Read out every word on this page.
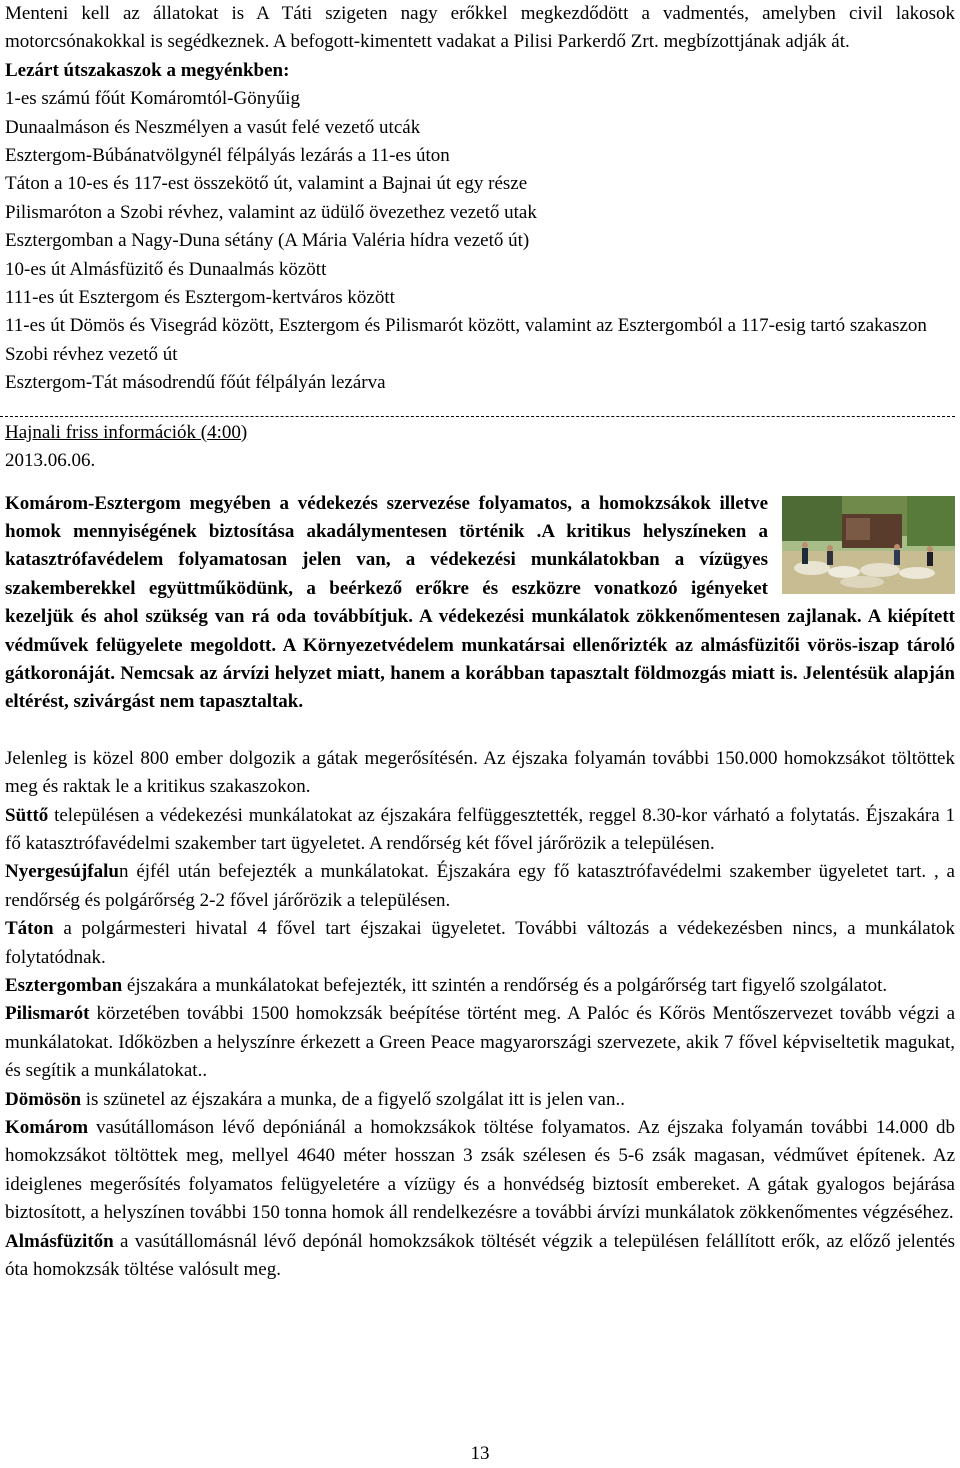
Menteni kell az állatokat is A Táti szigeten nagy erőkkel megkezdődött a vadmentés, amelyben civil lakosok motorcsónakokkal is segédkeznek. A befogott-kimentett vadakat a Pilisi Parkerdő Zrt. megbízottjának adják át.

Lezárt útszakaszok a megyénkben:

1-es számú főút Komáromtól-Gönyűig

Dunaalmáson és Neszmélyen a vasút felé vezető utcák

Esztergom-Búbánatvölgynél félpályás lezárás a 11-es úton

Táton a 10-es és 117-est összekötő út, valamint a Bajnai út egy része

Pilismaróton a Szobi révhez, valamint az üdülő övezethez vezető utak

Esztergomban a Nagy-Duna sétány (A Mária Valéria hídra vezető út)

10-es út Almásfüzitő és Dunaalmás között

111-es út Esztergom és Esztergom-kertváros között

11-es út Dömös és Visegrád között, Esztergom és Pilismarót között, valamint az Esztergomból a 117-esig tartó szakaszon

Szobi révhez vezető út

Esztergom-Tát másodrendű főút félpályán lezárva

Hajnali friss információk (4:00)

2013.06.06.

Komárom-Esztergom megyében a védekezés szervezése folyamatos, a homokzsákok illetve homok mennyiségének biztosítása akadálymentesen történik .A kritikus helyszíneken a katasztrófavédelem folyamatosan jelen van, a védekezési munkálatokban a vízügyes szakemberekkel együttműködünk, a beérkező erőkre és eszközre vonatkozó igényeket kezeljük és ahol szükség van rá oda továbbítjuk. A védekezési munkálatok zökkenőmentesen zajlanak. A kiépített védművek felügyelete megoldott. A Környezetvédelem munkatársai ellenőrizték az almásfüzitői vörös-iszap tároló gátkoronáját. Nemcsak az árvízi helyzet miatt, hanem a korábban tapasztalt földmozgás miatt is. Jelentésük alapján eltérést, szivárgást nem tapasztaltak.

Jelenleg is közel 800 ember dolgozik a gátak megerősítésén. Az éjszaka folyamán további 150.000 homokzsákot töltöttek meg és raktak le a kritikus szakaszokon.

Süttő településen a védekezési munkálatokat az éjszakára felfüggesztették, reggel 8.30-kor várható a folytatás. Éjszakára 1 fő katasztrófavédelmi szakember tart ügyeletet. A rendőrség két fővel járőrözik a településen.

Nyergesújfalun éjfél után befejezték a munkálatokat. Éjszakára egy fő katasztrófavédelmi szakember ügyeletet tart. , a rendőrség és polgárőrség 2-2 fővel járőrözik a településen.

Táton a polgármesteri hivatal 4 fővel tart éjszakai ügyeletet. További változás a védekezésben nincs, a munkálatok folytatódnak.

Esztergomban éjszakára a munkálatokat befejezték, itt szintén a rendőrség és a polgárőrség tart figyelő szolgálatot.

Pilismarót körzetében további 1500 homokzsák beépítése történt meg. A Palóc és Kőrös Mentőszervezet tovább végzi a munkálatokat. Időközben a helyszínre érkezett a Green Peace magyarországi szervezete, akik 7 fővel képviseltetik magukat, és segítik a munkálatokat..

Dömösön is szünetel az éjszakára a munka, de a figyelő szolgálat itt is jelen van..

Komárom vasútállomáson lévő depóniánál a homokzsákok töltése folyamatos. Az éjszaka folyamán további 14.000 db homokzsákot töltöttek meg, mellyel 4640 méter hosszan 3 zsák szélesen és 5-6 zsák magasan, védművet építenek. Az ideiglenes megerősítés folyamatos felügyeletére a vízügy és a honvédség biztosít embereket. A gátak gyalogos bejárása biztosított, a helyszínen további 150 tonna homok áll rendelkezésre a további árvízi munkálatok zökkenőmentes végzéséhez.

Almásfüzitőn a vasútállomásnál lévő depónál homokzsákok töltését végzik a településen felállított erők, az előző jelentés óta homokzsák töltése valósult meg.

13
